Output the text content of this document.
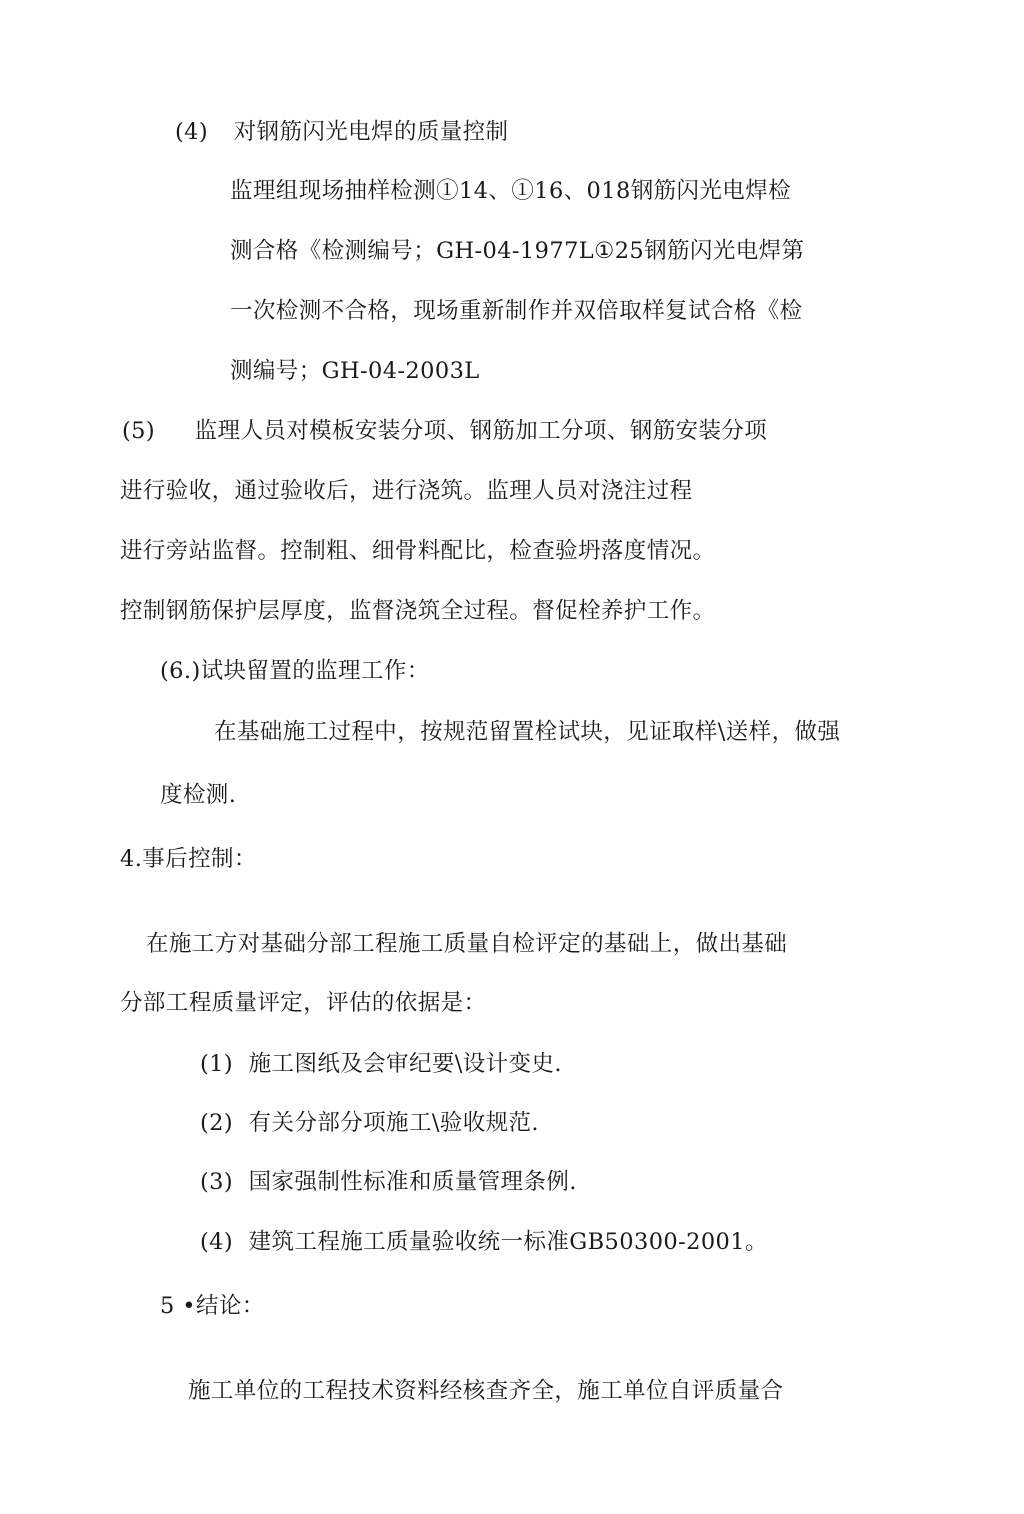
(4) 对钢筋闪光电焊的质量控制
监理组现场抽样检测①14、①16、018钢筋闪光电焊检
测合格《检测编号；GH-04-1977L①25钢筋闪光电焊第
一次检测不合格，现场重新制作并双倍取样复试合格《检
测编号；GH-04-2003L
(5) 监理人员对模板安装分项、钢筋加工分项、钢筋安装分项
进行验收，通过验收后，进行浇筑。监理人员对浇注过程
进行旁站监督。控制粗、细骨料配比，检查验坍落度情况。
控制钢筋保护层厚度，监督浇筑全过程。督促栓养护工作。
(6.)试块留置的监理工作：
在基础施工过程中，按规范留置栓试块，见证取样\送样，做强
度检测.
4.事后控制：
在施工方对基础分部工程施工质量自检评定的基础上，做出基础
分部工程质量评定，评估的依据是：
(1) 施工图纸及会审纪要\设计变史.
(2) 有关分部分项施工\验收规范.
(3) 国家强制性标准和质量管理条例.
(4) 建筑工程施工质量验收统一标准GB50300-2001。
5 •结论：
施工单位的工程技术资料经核查齐全，施工单位自评质量合
